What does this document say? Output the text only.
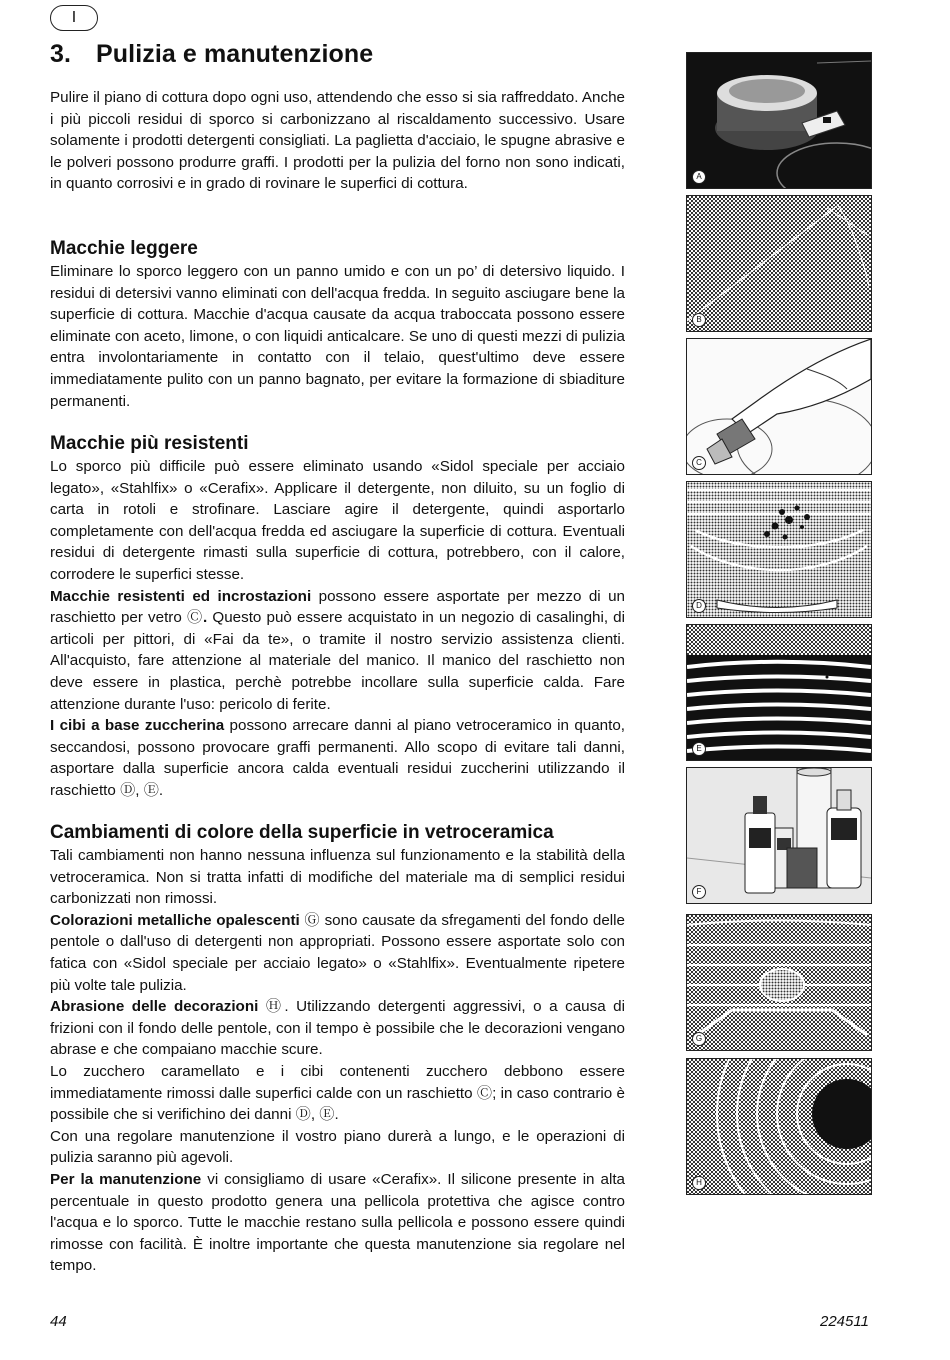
I
3. Pulizia e manutenzione

Pulire il piano di cottura dopo ogni uso, attendendo che esso si sia raffreddato. Anche i più piccoli residui di sporco si carbonizzano al riscaldamento successivo. Usare solamente i prodotti detergenti consigliati. La paglietta d'acciaio, le spugne abrasive e le polveri possono produrre graffi. I prodotti per la pulizia del forno non sono indicati, in quanto corrosivi e in grado di rovinare le superfici di cottura.

Macchie leggere

Eliminare lo sporco leggero con un panno umido e con un po’ di detersivo liquido. I residui di detersivi vanno eliminati con dell'acqua fredda. In seguito asciugare bene la superficie di cottura. Macchie d'acqua causate da acqua traboccata possono essere eliminate con aceto, limone, o con liquidi anticalcare. Se uno di questi mezzi di pulizia entra involontariamente in contatto con il telaio, quest'ultimo deve essere immediatamente pulito con un panno bagnato, per evitare la formazione di sbiaditure permanenti.

Macchie più resistenti

Lo sporco più difficile può essere eliminato usando «Sidol speciale per acciaio legato», «Stahlfix» o «Cerafix». Applicare il detergente, non diluito, su un foglio di carta in rotoli e strofinare. Lasciare agire il detergente, quindi asportarlo completamente con dell'acqua fredda ed asciugare la superficie di cottura. Eventuali residui di detergente rimasti sulla superficie di cottura, potrebbero, con il calore, corrodere le superfici stesse.

Macchie resistenti ed incrostazioni possono essere asportate per mezzo di un raschietto per vetro Ⓒ. Questo può essere acquistato in un negozio di casalinghi, di articoli per pittori, di «Fai da te», o tramite il nostro servizio assistenza clienti. All'acquisto, fare attenzione al materiale del manico. Il manico del raschietto non deve essere in plastica, perchè potrebbe incollare sulla superficie calda. Fare attenzione durante l'uso: pericolo di ferite.

I cibi a base zuccherina possono arrecare danni al piano vetroceramico in quanto, seccandosi, possono provocare graffi permanenti. Allo scopo di evitare tali danni, asportare dalla superficie ancora calda eventuali residui zuccherini utilizzando il raschietto Ⓓ, Ⓔ.

Cambiamenti di colore della superficie in vetroceramica

Tali cambiamenti non hanno nessuna influenza sul funzionamento e la stabilità della vetroceramica. Non si tratta infatti di modifiche del materiale ma di semplici residui carbonizzati non rimossi.

Colorazioni metalliche opalescenti Ⓖ sono causate da sfregamenti del fondo delle pentole o dall'uso di detergenti non appropriati. Possono essere asportate solo con fatica con «Sidol speciale per acciaio legato» o «Stahlfix». Eventualmente ripetere più volte tale pulizia.

Abrasione delle decorazioni Ⓗ. Utilizzando detergenti aggressivi, o a causa di frizioni con il fondo delle pentole, con il tempo è possibile che le decorazioni vengano abrase e che compaiano macchie scure.

Lo zucchero caramellato e i cibi contenenti zucchero debbono essere immediatamente rimossi dalle superfici calde con un raschietto Ⓒ; in caso contrario è possibile che si verifichino dei danni Ⓓ, Ⓔ.

Con una regolare manutenzione il vostro piano durerà a lungo, e le operazioni di pulizia saranno più agevoli.

Per la manutenzione vi consigliamo di usare «Cerafix». Il silicone presente in alta percentuale in questo prodotto genera una pellicola protettiva che agisce contro l'acqua e lo sporco. Tutte le macchie restano sulla pellicola e possono essere quindi rimosse con facilità. È inoltre importante che questa manutenzione sia regolare nel tempo.

A
B
C
D
E
F
G
H
44	224511
